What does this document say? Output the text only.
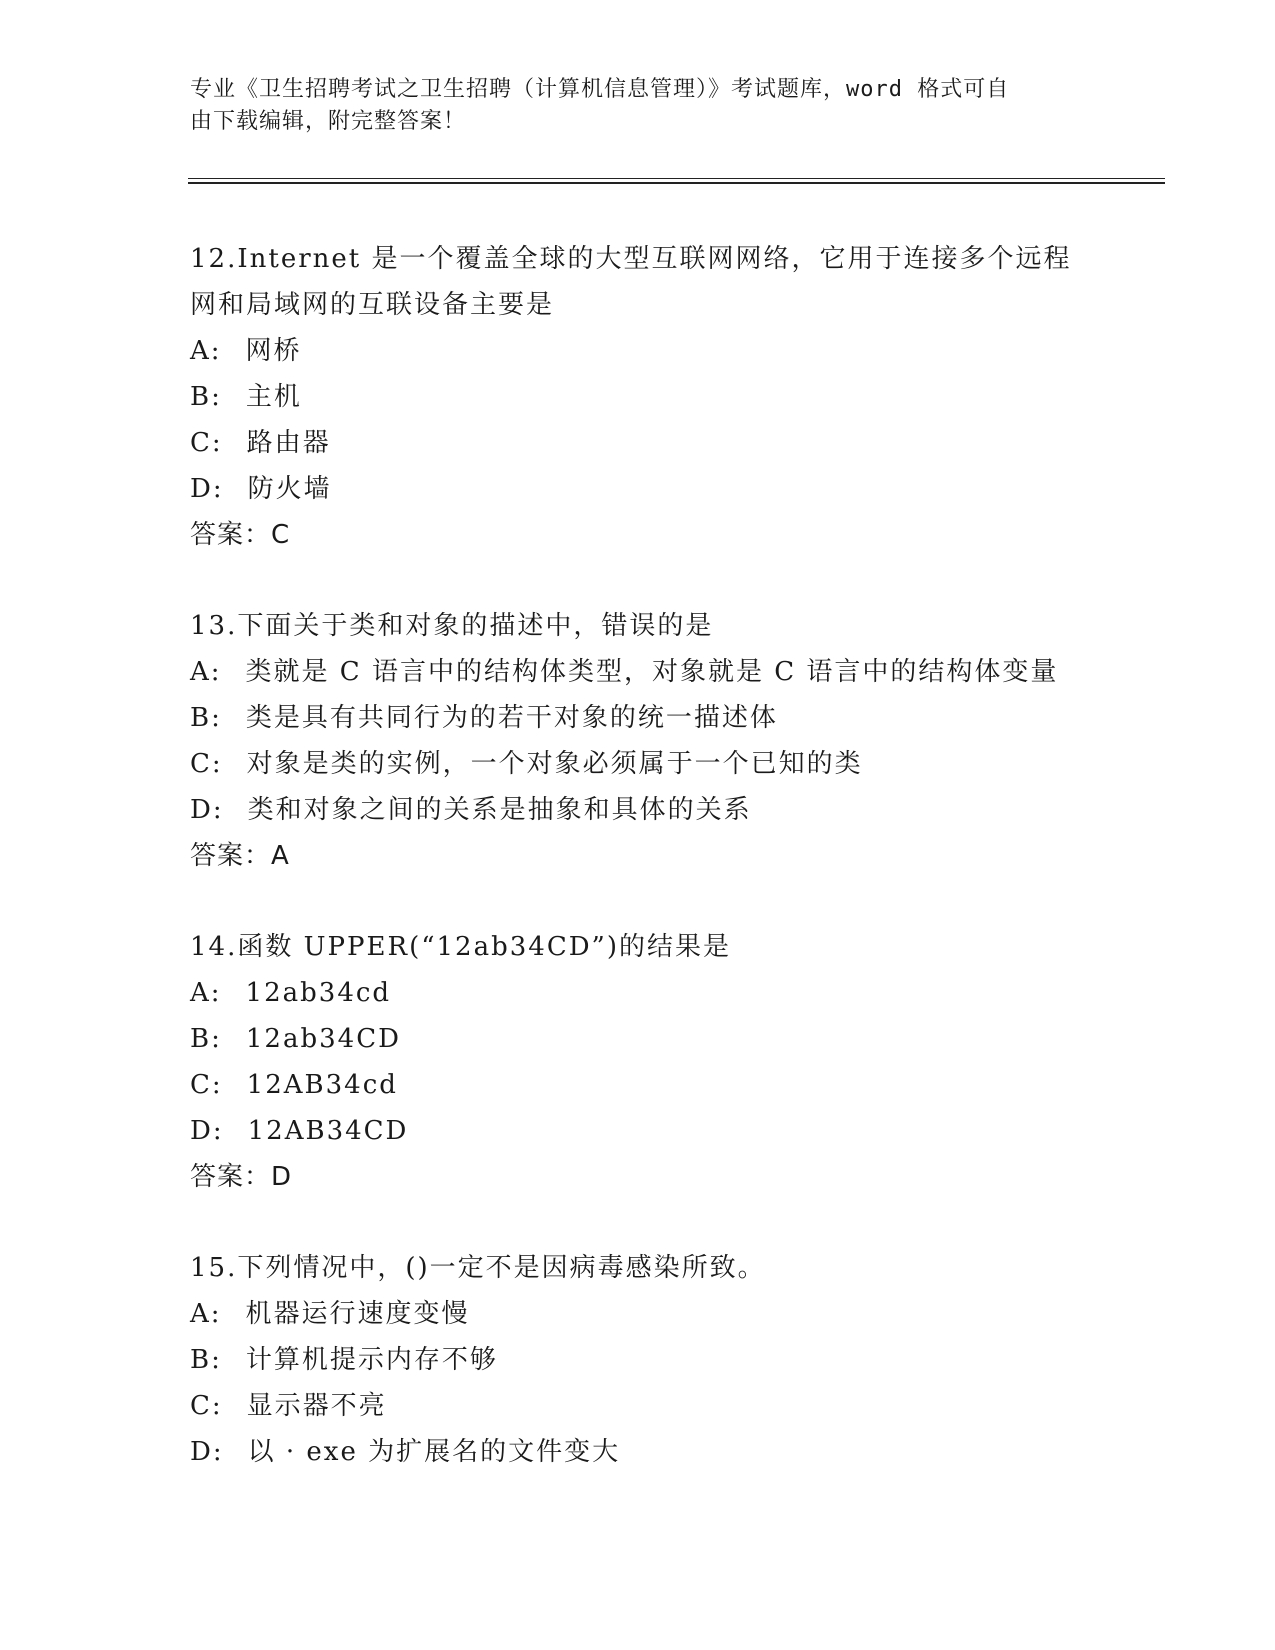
专业《卫生招聘考试之卫生招聘（计算机信息管理）》考试题库，word 格式可自
由下载编辑，附完整答案！
12.Internet 是一个覆盖全球的大型互联网网络，它用于连接多个远程
网和局域网的互联设备主要是
A: 网桥
B: 主机
C: 路由器
D: 防火墙
答案：C
13.下面关于类和对象的描述中，错误的是
A: 类就是 C 语言中的结构体类型，对象就是 C 语言中的结构体变量
B: 类是具有共同行为的若干对象的统一描述体
C: 对象是类的实例，一个对象必须属于一个已知的类
D: 类和对象之间的关系是抽象和具体的关系
答案：A
14.函数 UPPER(“12ab34CD”)的结果是
A: 12ab34cd
B: 12ab34CD
C: 12AB34cd
D: 12AB34CD
答案：D
15.下列情况中，()一定不是因病毒感染所致。
A: 机器运行速度变慢
B: 计算机提示内存不够
C: 显示器不亮
D: 以 · exe 为扩展名的文件变大
